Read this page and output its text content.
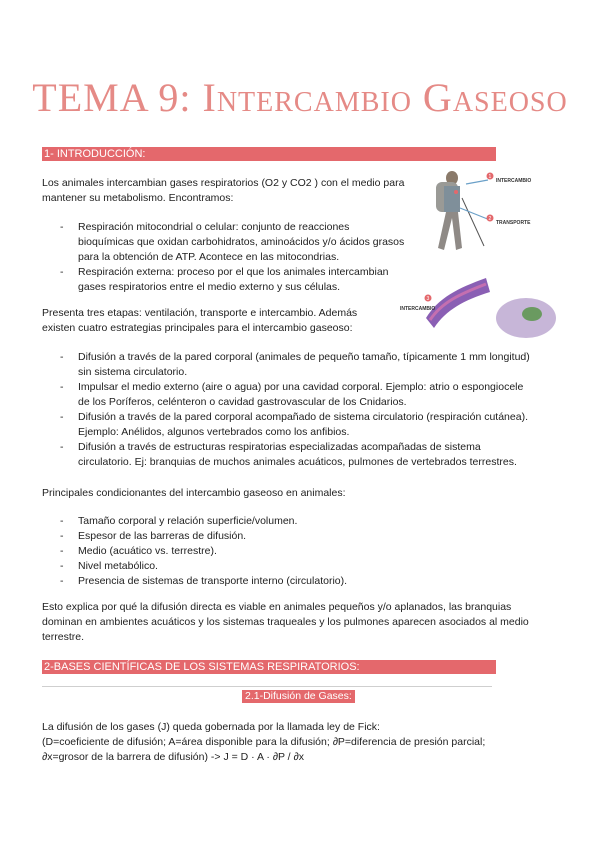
TEMA 9: Intercambio Gaseoso
1- INTRODUCCIÓN:

Los animales intercambian gases respiratorios (O2 y CO2 ) con el medio para
mantener su metabolismo. Encontramos:

- Respiración mitocondrial o celular: conjunto de reacciones
bioquímicas que oxidan carbohidratos, aminoácidos y/o ácidos grasos
para la obtención de ATP. Acontece en las mitocondrias.
- Respiración externa: proceso por el que los animales intercambian
gases respiratorios entre el medio externo y sus células.

Presenta tres etapas: ventilación, transporte e intercambio. Además
existen cuatro estrategias principales para el intercambio gaseoso:

- Difusión a través de la pared corporal (animales de pequeño tamaño, típicamente 1 mm longitud)
sin sistema circulatorio.
- Impulsar el medio externo (aire o agua) por una cavidad corporal. Ejemplo: atrio o espongiocele
de los Poríferos, celénteron o cavidad gastrovascular de los Cnidarios.
- Difusión a través de la pared corporal acompañado de sistema circulatorio (respiración cutánea).
Ejemplo: Anélidos, algunos vertebrados como los anfibios.
- Difusión a través de estructuras respiratorias especializadas acompañadas de sistema
circulatorio. Ej: branquias de muchos animales acuáticos, pulmones de vertebrados terrestres.

Principales condicionantes del intercambio gaseoso en animales:

- Tamaño corporal y relación superficie/volumen.
- Espesor de las barreras de difusión.
- Medio (acuático vs. terrestre).
- Nivel metabólico.
- Presencia de sistemas de transporte interno (circulatorio).

Esto explica por qué la difusión directa es viable en animales pequeños y/o aplanados, las branquias
dominan en ambientes acuáticos y los sistemas traqueales y los pulmones aparecen asociados al medio
terrestre.

2-BASES CIENTÍFICAS DE LOS SISTEMAS RESPIRATORIOS:
2.1-Difusión de Gases:

La difusión de los gases (J) queda gobernada por la llamada ley de Fick:
(D=coeficiente de difusión; A=área disponible para la difusión; ∂P=diferencia de presión parcial;
∂x=grosor de la barrera de difusión) -> J = D · A · ∂P / ∂x

1
2
3
INTERCAMBIO
TRANSPORTE
INTERCAMBIO
